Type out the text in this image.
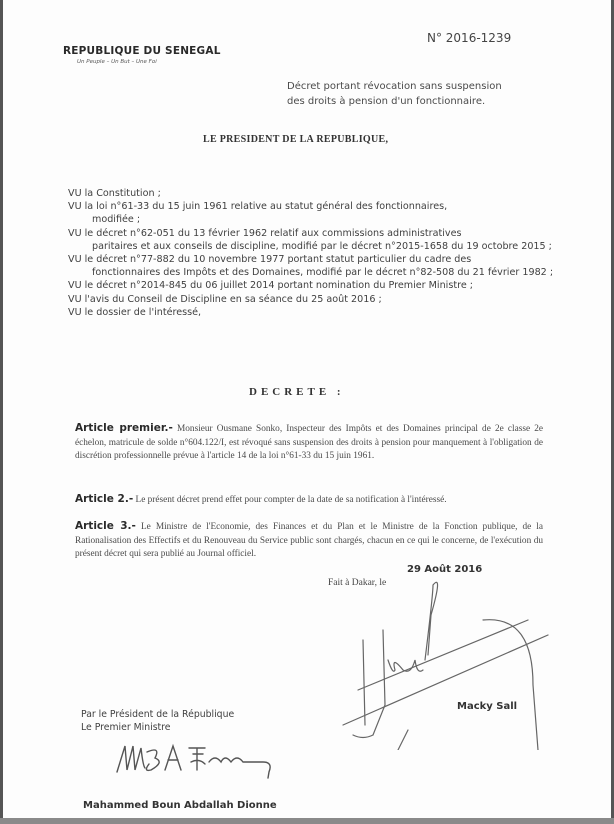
REPUBLIQUE DU SENEGAL
Un Peuple – Un But – Une Foi
N° 2016-1239
Décret portant révocation sans suspension
des droits à pension d'un fonctionnaire.
LE PRESIDENT DE LA REPUBLIQUE,

VU la Constitution ;

VU la loi n°61-33 du 15 juin 1961 relative au statut général des fonctionnaires,
modifiée ;

VU le décret n°62-051 du 13 février 1962 relatif aux commissions administratives
paritaires et aux conseils de discipline, modifié par le décret n°2015-1658 du 19 octobre 2015 ;

VU le décret n°77-882 du 10 novembre 1977 portant statut particulier du cadre des
fonctionnaires des Impôts et des Domaines, modifié par le décret n°82-508 du 21 février 1982 ;

VU le décret n°2014-845 du 06 juillet 2014 portant nomination du Premier Ministre ;

VU l'avis du Conseil de Discipline en sa séance du 25 août 2016 ;

VU le dossier de l'intéressé,

DECRETE :
Article premier.- Monsieur Ousmane Sonko, Inspecteur des Impôts et des Domaines principal de 2e classe 2e échelon, matricule de solde n°604.122/I, est révoqué sans suspension des droits à pension pour manquement à l'obligation de discrétion professionnelle prévue à l'article 14 de la loi n°61-33 du 15 juin 1961.
Article 2.- Le présent décret prend effet pour compter de la date de sa notification à l'intéressé.
Article 3.- Le Ministre de l'Economie, des Finances et du Plan et le Ministre de la Fonction publique, de la Rationalisation des Effectifs et du Renouveau du Service public sont chargés, chacun en ce qui le concerne, de l'exécution du présent décret qui sera publié au Journal officiel.
29 Août 2016
Fait à Dakar, le
Macky Sall
Par le Président de la République
Le Premier Ministre
Mahammed Boun Abdallah Dionne
